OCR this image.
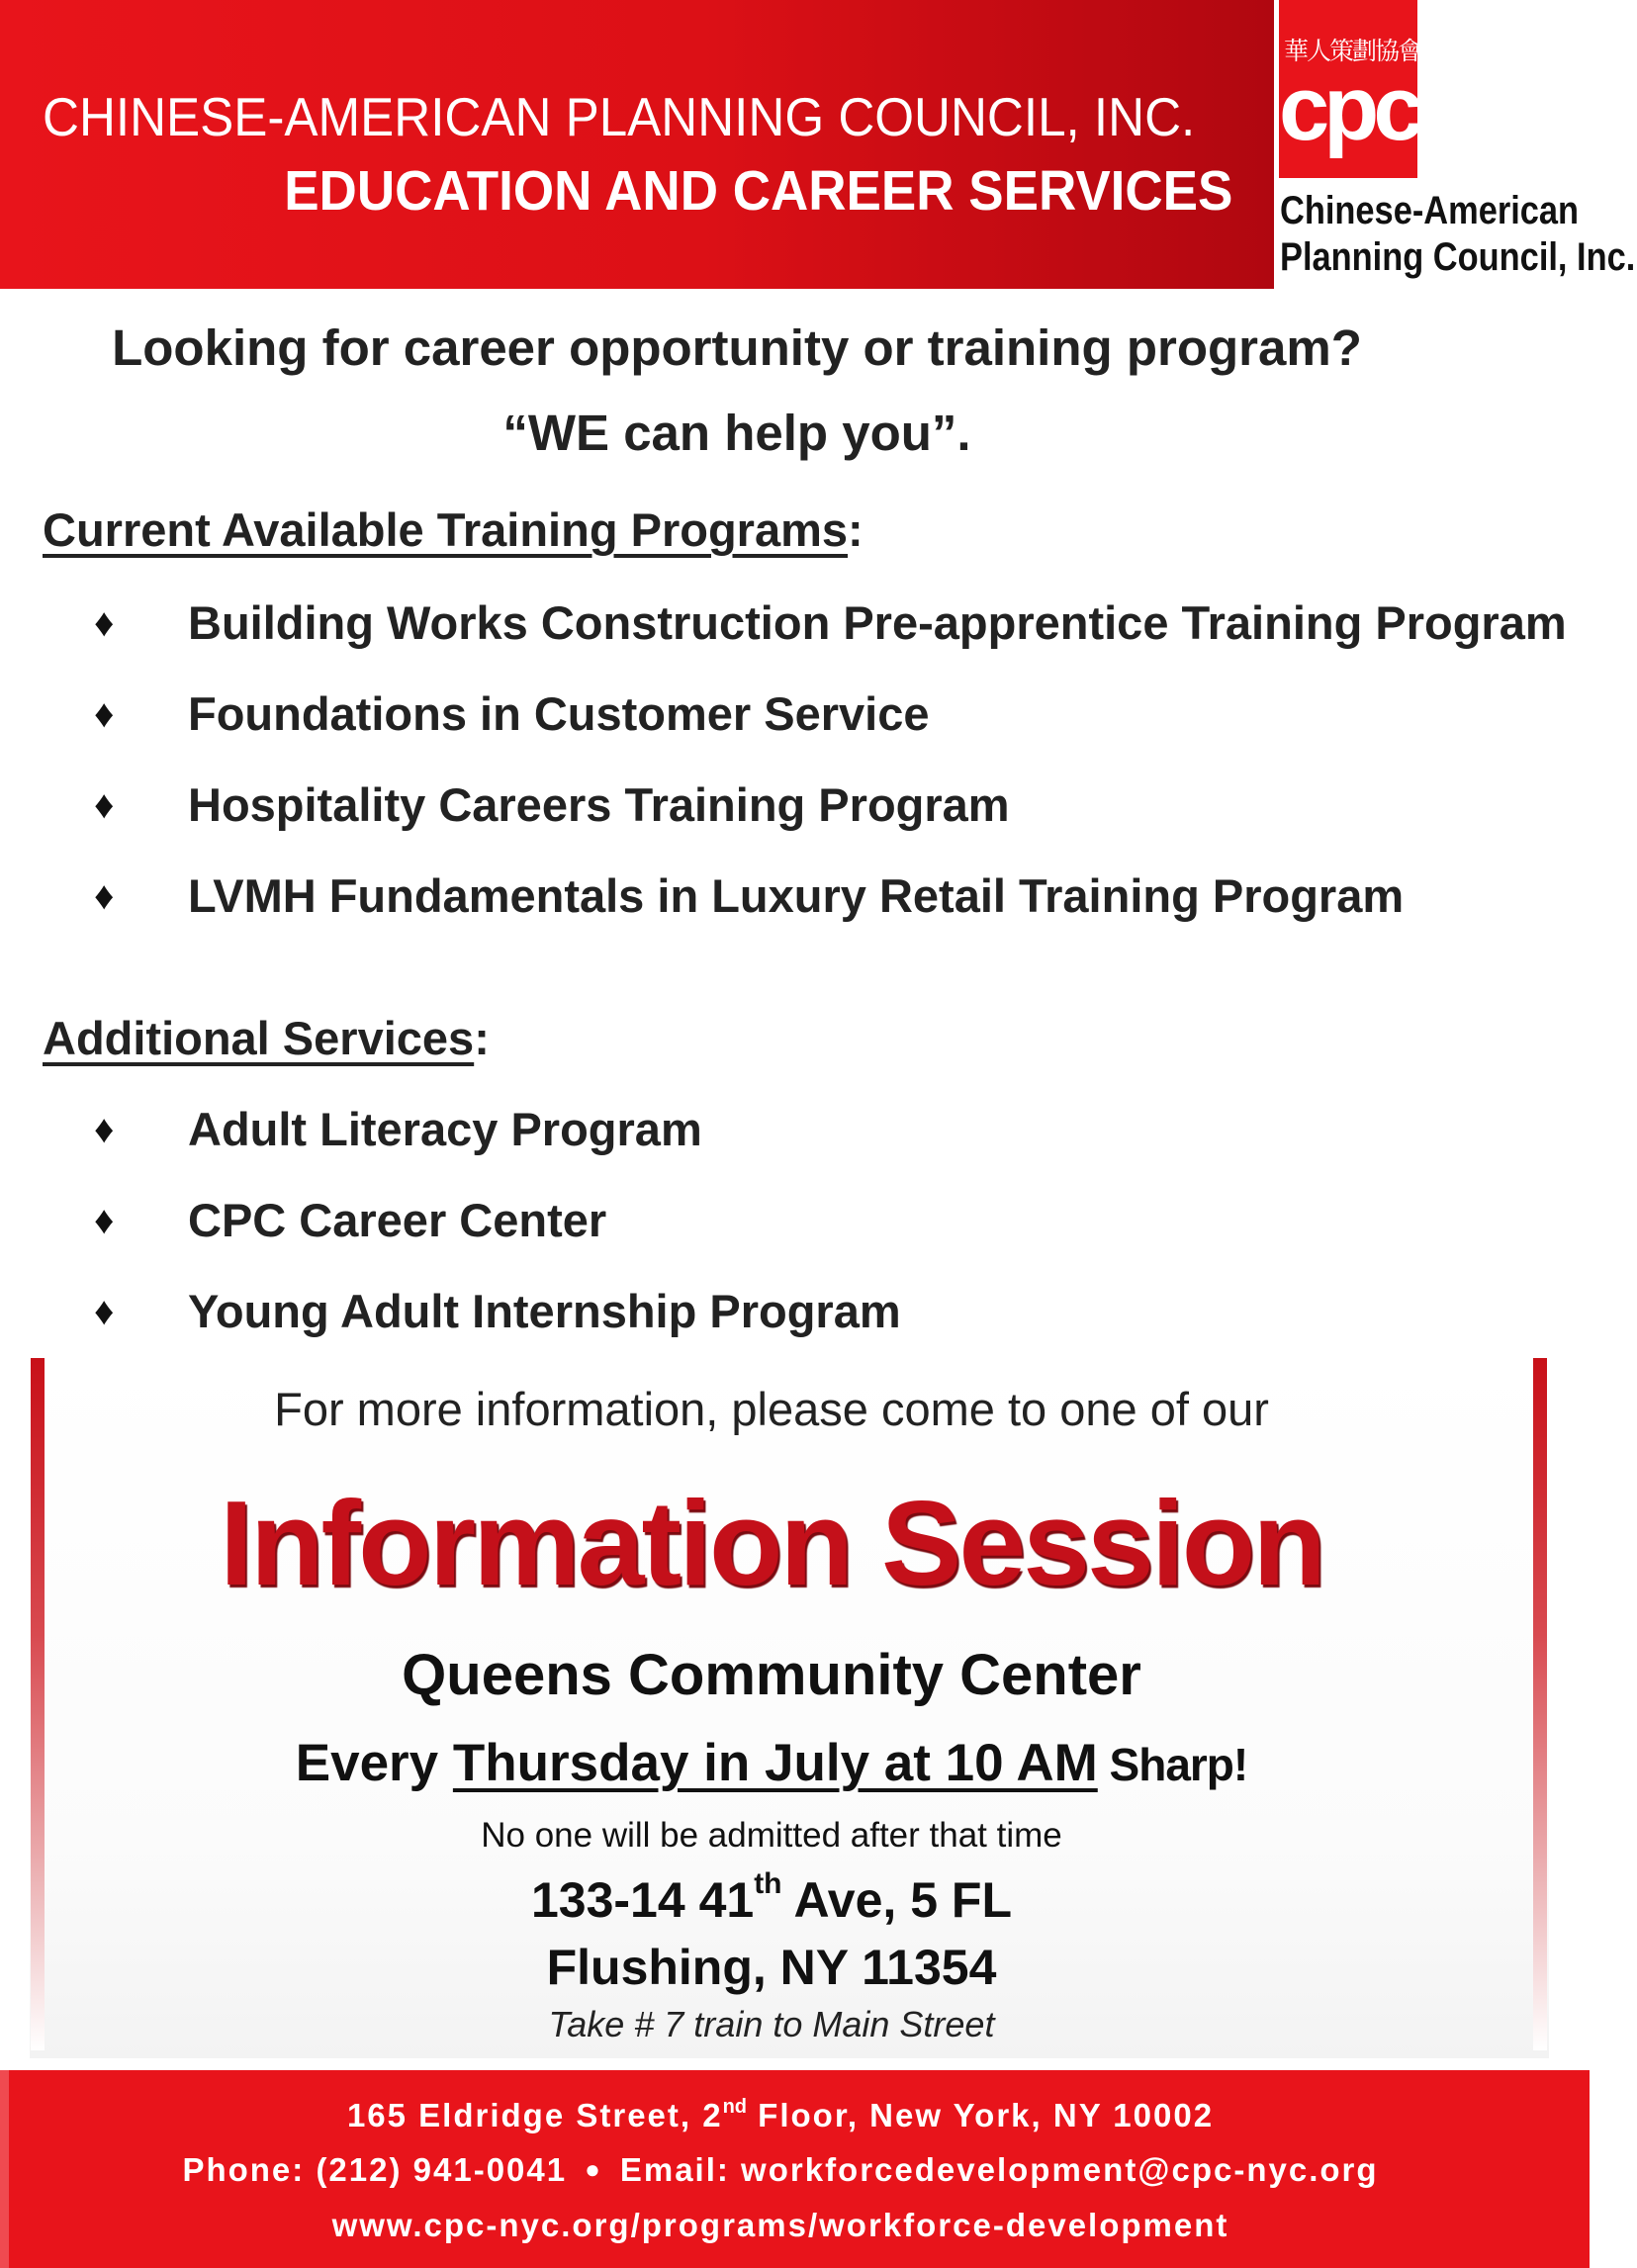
CHINESE-AMERICAN PLANNING COUNCIL, INC.
EDUCATION AND CAREER SERVICES
華人策劃協會
cpc
Chinese-American
Planning Council, Inc.
Looking for career opportunity or training program?
“WE can help you”.
Current Available Training Programs:
♦ Building Works Construction Pre-apprentice Training Program
♦ Foundations in Customer Service
♦ Hospitality Careers Training Program
♦ LVMH Fundamentals in Luxury Retail Training Program
Additional Services:
♦ Adult Literacy Program
♦ CPC Career Center
♦ Young Adult Internship Program
For more information, please come to one of our
Information Session
Queens Community Center
Every Thursday in July at 10 AM Sharp!
No one will be admitted after that time
133-14 41th Ave, 5 FL
Flushing, NY 11354
Take # 7 train to Main Street
165 Eldridge Street, 2nd Floor, New York, NY 10002
Phone: (212) 941-0041 ● Email: workforcedevelopment@cpc-nyc.org
www.cpc-nyc.org/programs/workforce-development
